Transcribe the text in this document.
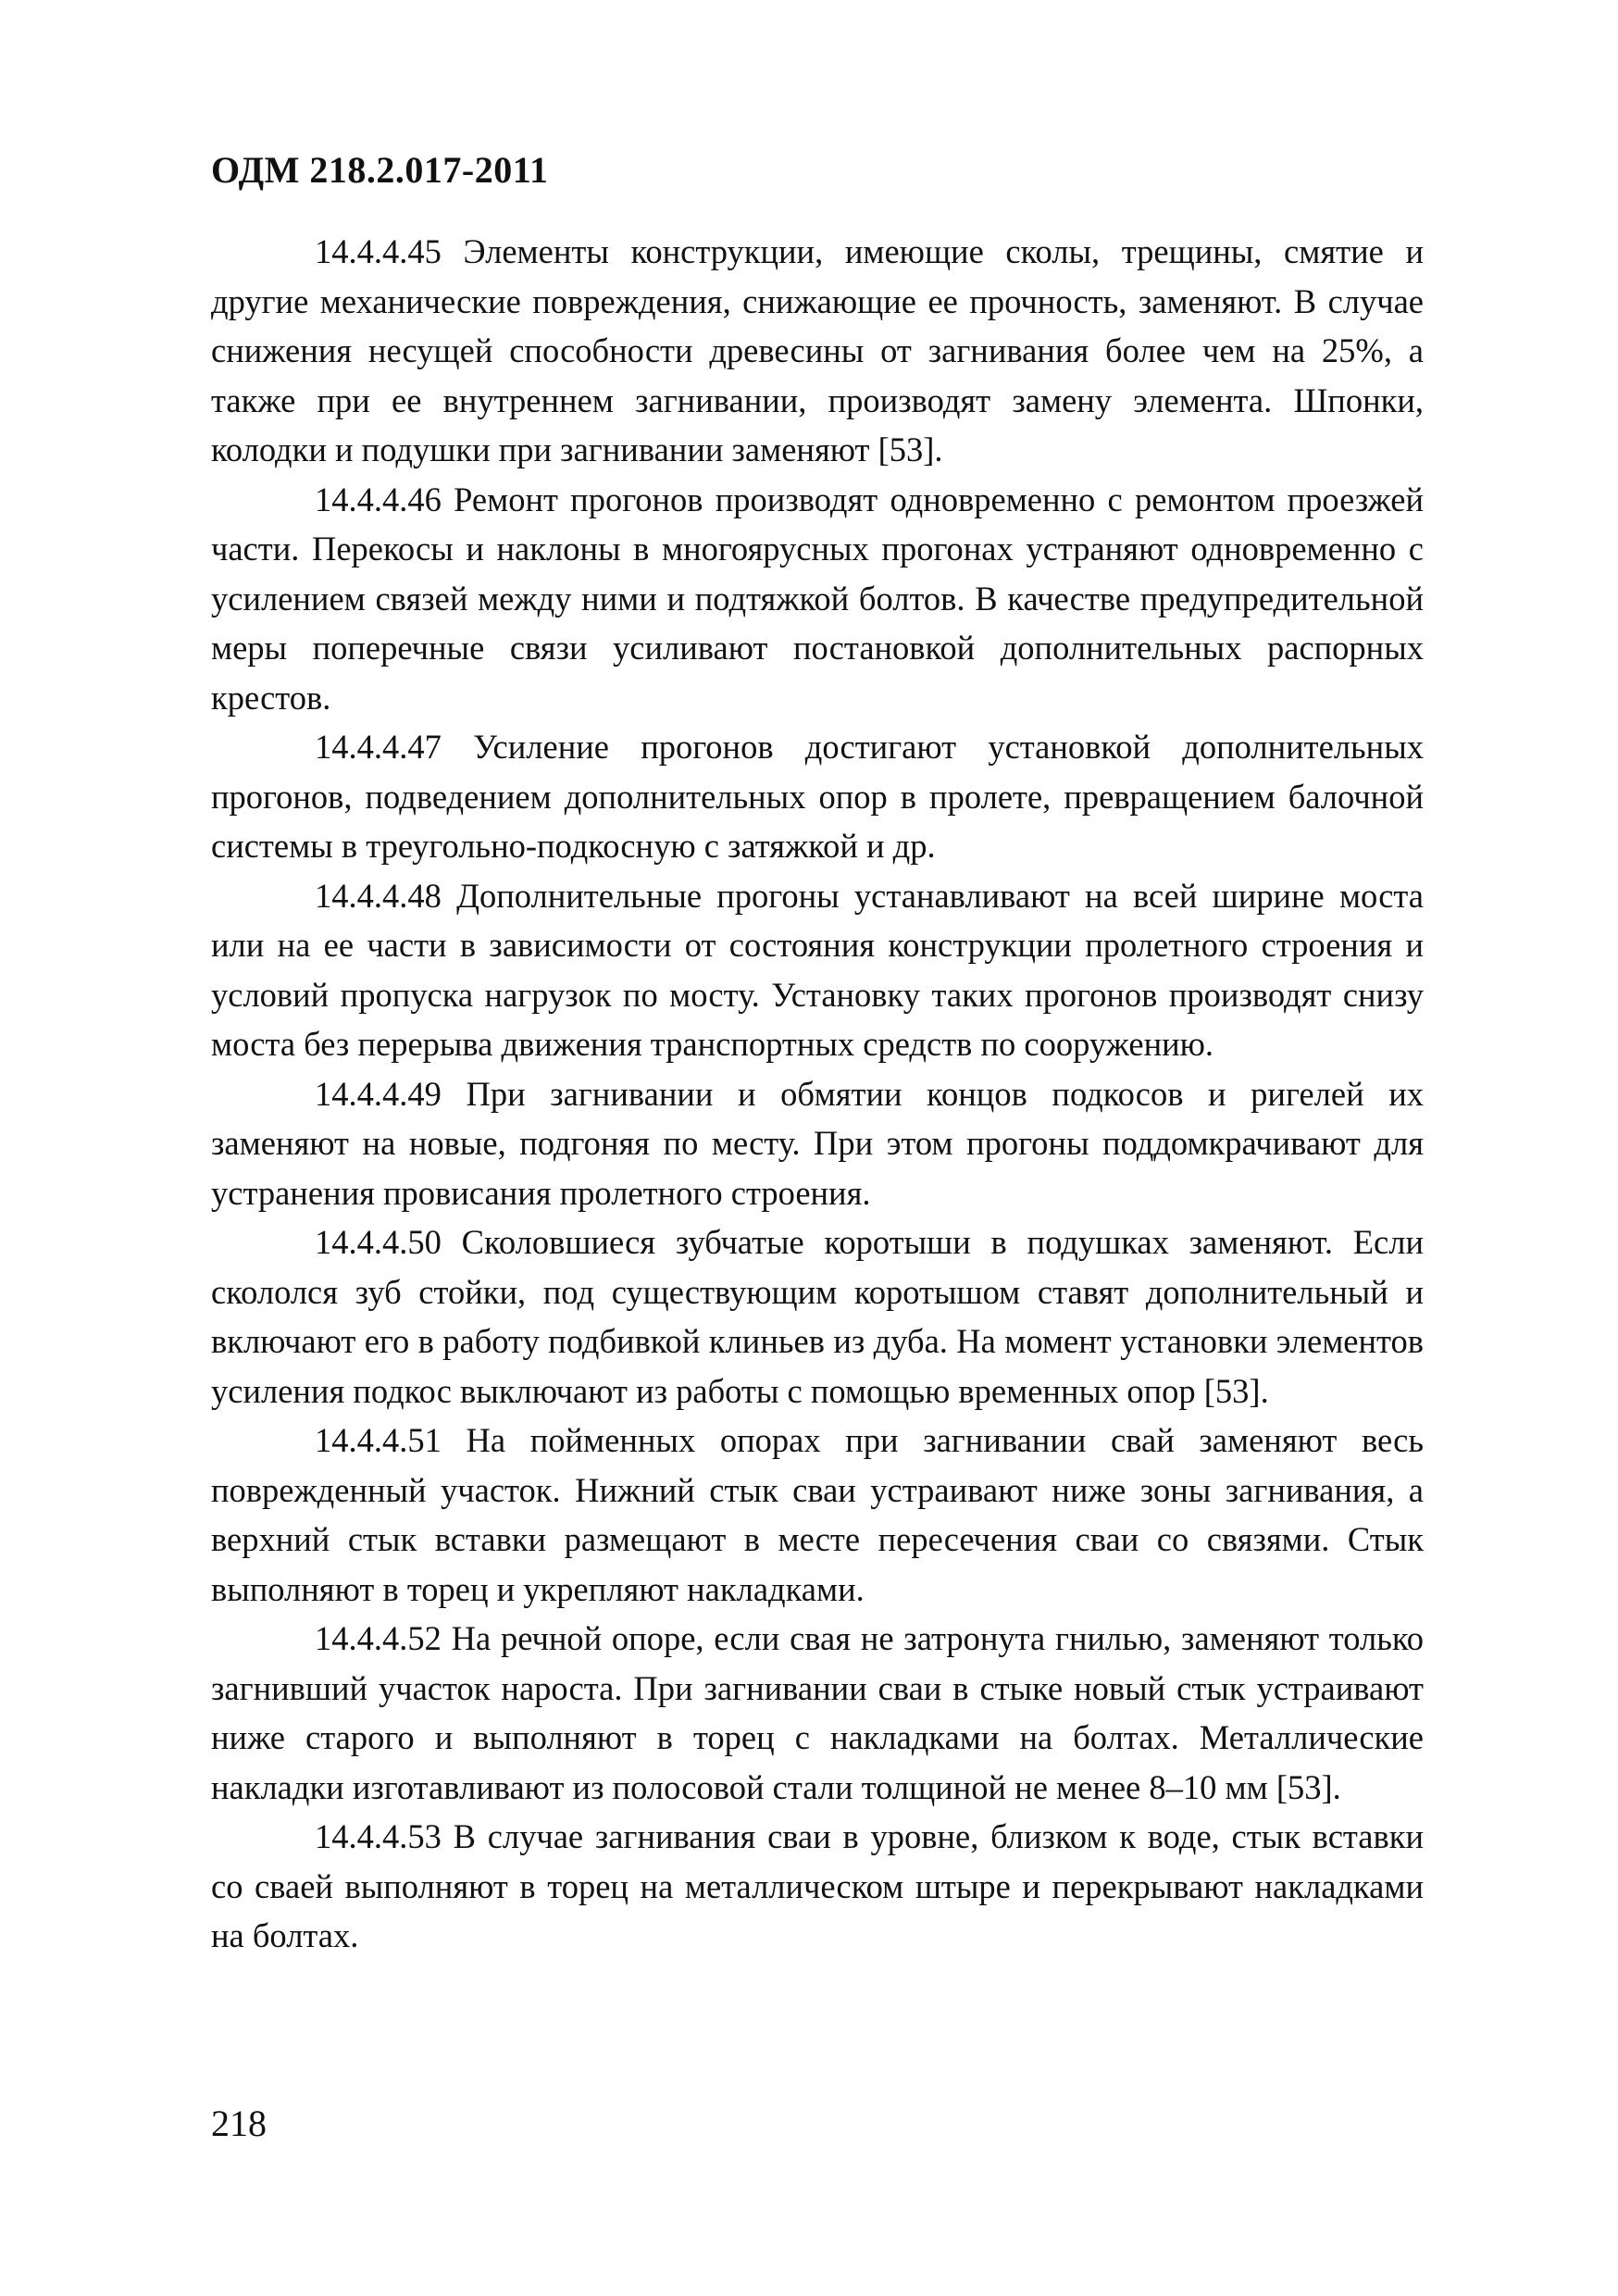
ОДМ 218.2.017-2011

14.4.4.45 Элементы конструкции, имеющие сколы, трещины, смятие и другие механические повреждения, снижающие ее прочность, заменяют. В случае снижения несущей способности древесины от загнивания более чем на 25%, а также при ее внутреннем загнивании, производят замену элемента. Шпонки, колодки и подушки при загнивании заменяют [53].

14.4.4.46 Ремонт прогонов производят одновременно с ремонтом проезжей части. Перекосы и наклоны в многоярусных прогонах устраняют одновременно с усилением связей между ними и подтяжкой болтов. В качестве предупредительной меры поперечные связи усиливают постановкой дополнительных распорных крестов.

14.4.4.47 Усиление прогонов достигают установкой дополнительных прогонов, подведением дополнительных опор в пролете, превращением балочной системы в треугольно-подкосную с затяжкой и др.

14.4.4.48 Дополнительные прогоны устанавливают на всей ширине моста или на ее части в зависимости от состояния конструкции пролетного строения и условий пропуска нагрузок по мосту. Установку таких прогонов производят снизу моста без перерыва движения транспортных средств по сооружению.

14.4.4.49 При загнивании и обмятии концов подкосов и ригелей их заменяют на новые, подгоняя по месту. При этом прогоны поддомкрачивают для устранения провисания пролетного строения.

14.4.4.50 Сколовшиеся зубчатые коротыши в подушках заменяют. Если скололся зуб стойки, под существующим коротышом ставят дополнительный и включают его в работу подбивкой клиньев из дуба. На момент установки элементов усиления подкос выключают из работы с помощью временных опор [53].

14.4.4.51 На пойменных опорах при загнивании свай заменяют весь поврежденный участок. Нижний стык сваи устраивают ниже зоны загнивания, а верхний стык вставки размещают в месте пересечения сваи со связями. Стык выполняют в торец и укрепляют накладками.

14.4.4.52 На речной опоре, если свая не затронута гнилью, заменяют только загнивший участок нароста. При загнивании сваи в стыке новый стык устраивают ниже старого и выполняют в торец с накладками на болтах. Металлические накладки изготавливают из полосовой стали толщиной не менее 8–10 мм [53].

14.4.4.53 В случае загнивания сваи в уровне, близком к воде, стык вставки со сваей выполняют в торец на металлическом штыре и перекрывают накладками на болтах.

218
